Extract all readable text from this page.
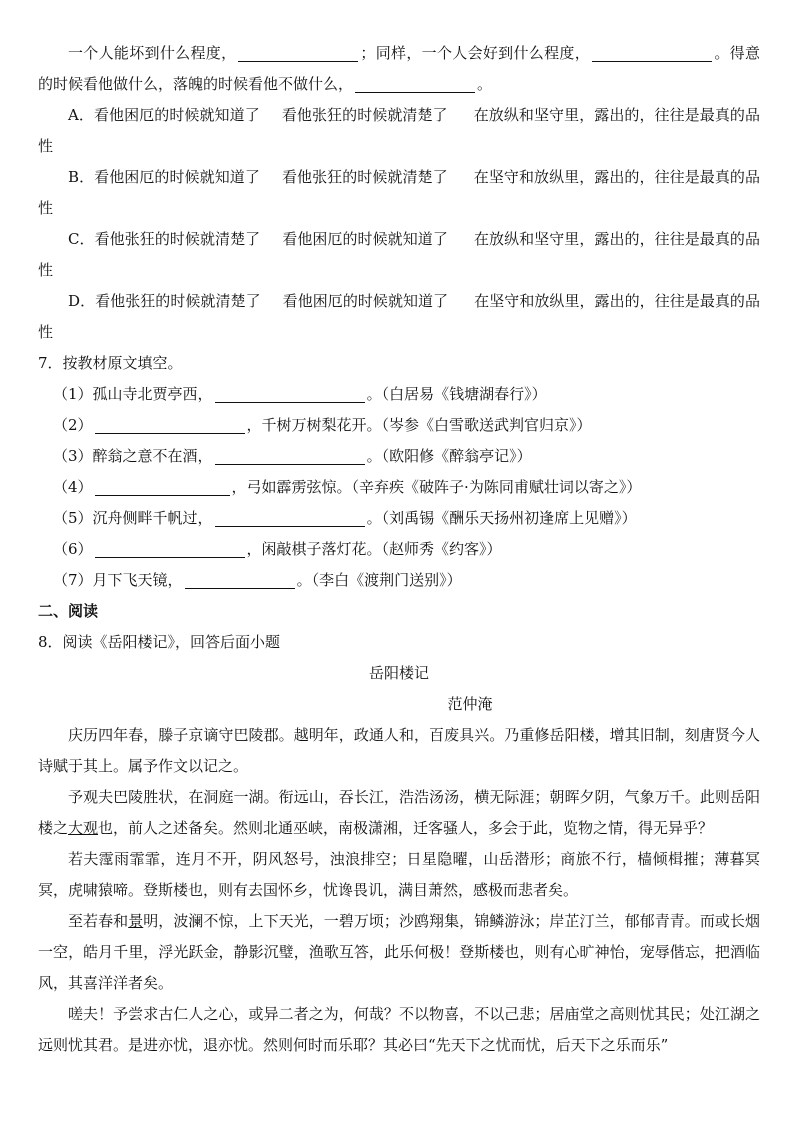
一个人能坏到什么程度，	；同样，一个人会好到什么程度，	。得意的时候看他做什么，落魄的时候看他不做什么，	。

A．看他困厄的时候就知道了 看他张狂的时候就清楚了 在放纵和坚守里，露出的，往往是最真的品性

B．看他困厄的时候就知道了 看他张狂的时候就清楚了 在坚守和放纵里，露出的，往往是最真的品性

C．看他张狂的时候就清楚了 看他困厄的时候就知道了 在放纵和坚守里，露出的，往往是最真的品性

D．看他张狂的时候就清楚了 看他困厄的时候就知道了 在坚守和放纵里，露出的，往往是最真的品性

7．按教材原文填空。

（1）孤山寺北贾亭西，	。（白居易《钱塘湖春行》）

（2）	，千树万树梨花开。（岑参《白雪歌送武判官归京》）

（3）醉翁之意不在酒，	。（欧阳修《醉翁亭记》）

（4）	，弓如霹雳弦惊。（辛弃疾《破阵子·为陈同甫赋壮词以寄之》）

（5）沉舟侧畔千帆过，	。（刘禹锡《酬乐天扬州初逢席上见赠》）

（6）	，闲敲棋子落灯花。（赵师秀《约客》）

（7）月下飞天镜，	。（李白《渡荆门送别》）

二、阅读

8．阅读《岳阳楼记》，回答后面小题

岳阳楼记

范仲淹

庆历四年春，滕子京谪守巴陵郡。越明年，政通人和，百废具兴。乃重修岳阳楼，增其旧制，刻唐贤今人诗赋于其上。属予作文以记之。

予观夫巴陵胜状，在洞庭一湖。衔远山，吞长江，浩浩汤汤，横无际涯；朝晖夕阴，气象万千。此则岳阳楼之大观也，前人之述备矣。然则北通巫峡，南极潇湘，迁客骚人，多会于此，览物之情，得无异乎？

若夫霪雨霏霏，连月不开，阴风怒号，浊浪排空；日星隐曜，山岳潜形；商旅不行，樯倾楫摧；薄暮冥冥，虎啸猿啼。登斯楼也，则有去国怀乡，忧谗畏讥，满目萧然，感极而悲者矣。

至若春和景明，波澜不惊，上下天光，一碧万顷；沙鸥翔集，锦鳞游泳；岸芷汀兰，郁郁青青。而或长烟一空，皓月千里，浮光跃金，静影沉璧，渔歌互答，此乐何极！登斯楼也，则有心旷神怡，宠辱偕忘，把酒临风，其喜洋洋者矣。

嗟夫！予尝求古仁人之心，或异二者之为，何哉？不以物喜，不以己悲；居庙堂之高则忧其民；处江湖之远则忧其君。是进亦忧，退亦忧。然则何时而乐耶？其必曰“先天下之忧而忧，后天下之乐而乐”
